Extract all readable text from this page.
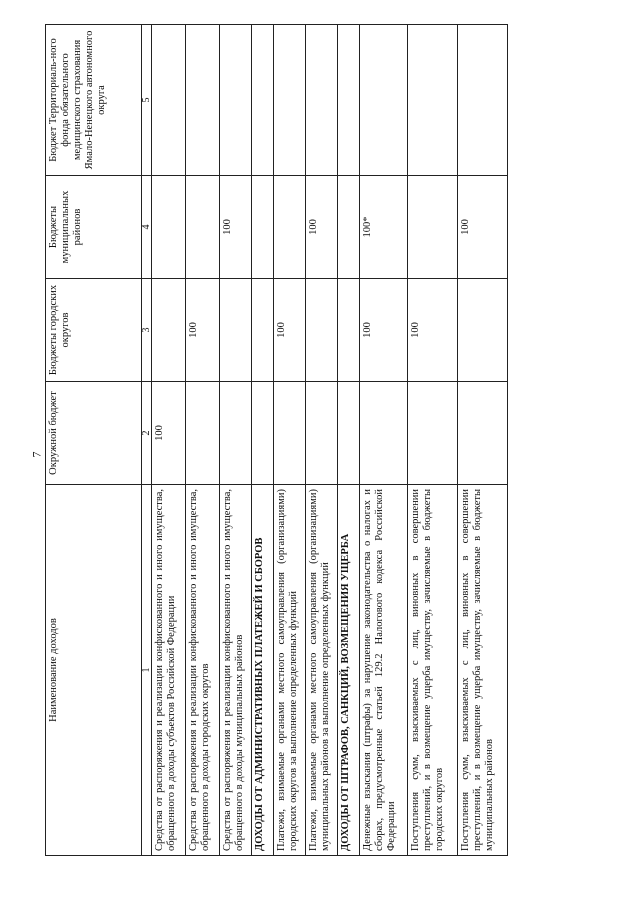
7
Наименование доходов	Окружной бюджет	Бюджеты городских округов	Бюджеты муниципальных районов	Бюджет Территориаль-ного фонда обязательного медицинского страхования Ямало-Ненецкого автономного округа
1	2	3	4	5
Средства от распоряжения и реализации конфискованного и иного имущества, обращенного в доходы субъектов Российской Федерации	100			
Средства от распоряжения и реализации конфискованного и иного имущества, обращенного в доходы городских округов		100		
Средства от распоряжения и реализации конфискованного и иного имущества, обращенного в доходы муниципальных районов			100	
ДОХОДЫ ОТ АДМИНИСТРАТИВНЫХ ПЛАТЕЖЕЙ И СБОРОВ				
Платежи, взимаемые органами местного самоуправления (организациями) городских округов за выполнение определенных функций		100		
Платежи, взимаемые органами местного самоуправления (организациями) муниципальных районов за выполнение определенных функций			100	
ДОХОДЫ ОТ ШТРАФОВ, САНКЦИЙ, ВОЗМЕЩЕНИЯ УЩЕРБА				
Денежные взыскания (штрафы) за нарушение законодательства о налогах и сборах, предусмотренные статьей 129.2 Налогового кодекса Российской Федерации		100	100*	
Поступления сумм, взыскиваемых с лиц, виновных в совершении преступлений, и в возмещение ущерба имуществу, зачисляемые в бюджеты городских округов		100		
Поступления сумм, взыскиваемых с лиц, виновных в совершении преступлений, и в возмещение ущерба имуществу, зачисляемые в бюджеты муниципальных районов			100	
